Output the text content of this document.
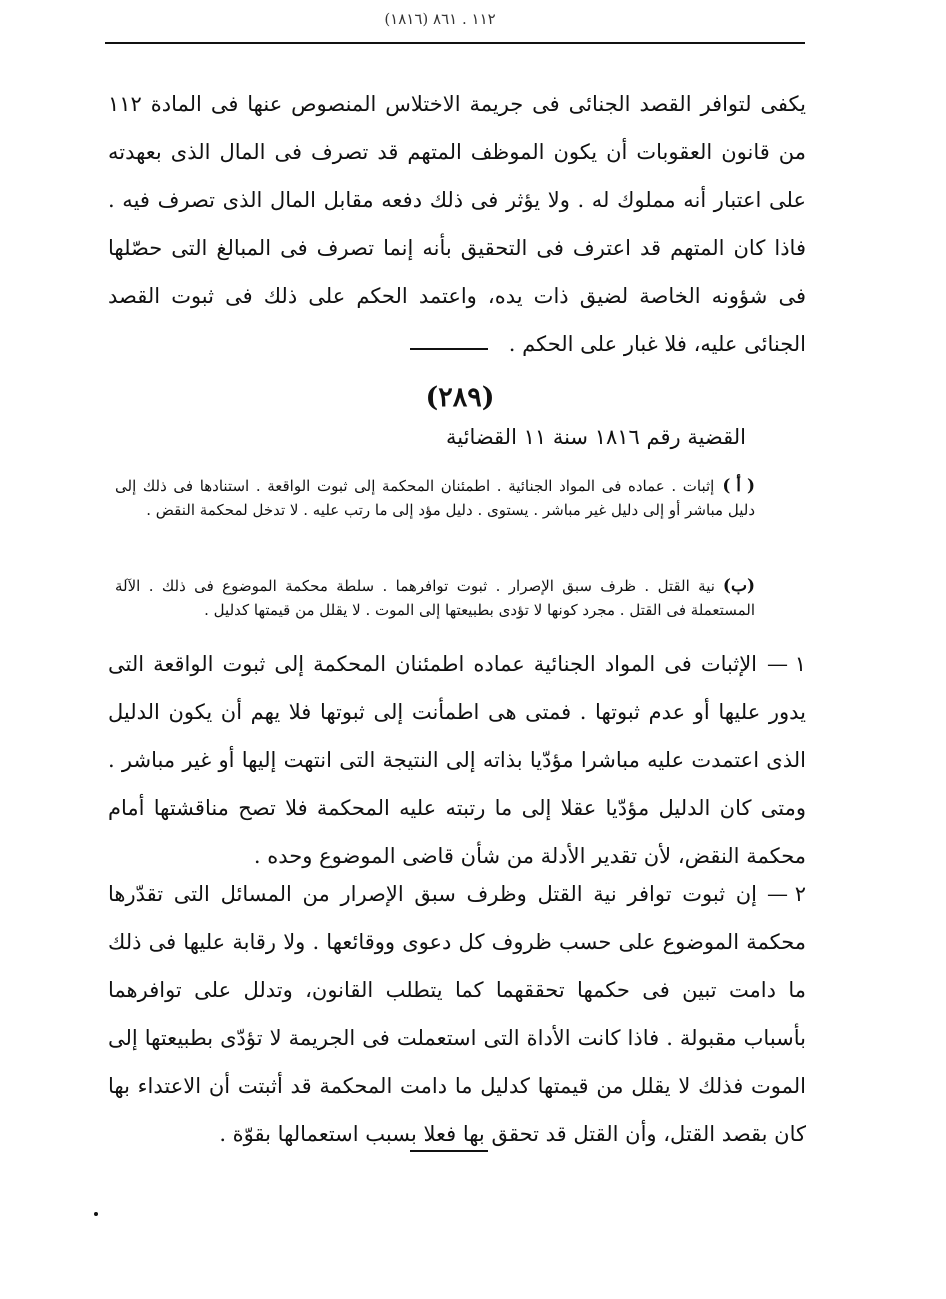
١١٢ . ٨٦١ (١٨١٦)
يكفى لتوافر القصد الجنائى فى جريمة الاختلاس المنصوص عنها فى المادة ١١٢ من قانون العقوبات أن يكون الموظف المتهم قد تصرف فى المال الذى بعهدته على اعتبار أنه مملوك له . ولا يؤثر فى ذلك دفعه مقابل المال الذى تصرف فيه . فاذا كان المتهم قد اعترف فى التحقيق بأنه إنما تصرف فى المبالغ التى حصّلها فى شؤونه الخاصة لضيق ذات يده، واعتمد الحكم على ذلك فى ثبوت القصد الجنائى عليه، فلا غبار على الحكم .
(٢٨٩)
القضية رقم ١٨١٦ سنة ١١ القضائية
( أ )إثبات . عماده فى المواد الجنائية . اطمئنان المحكمة إلى ثبوت الواقعة . استنادها فى ذلك إلى دليل مباشر أو إلى دليل غير مباشر . يستوى . دليل مؤد إلى ما رتب عليه . لا تدخل لمحكمة النقض .
(ب)نية القتل . ظرف سبق الإصرار . ثبوت توافرهما . سلطة محكمة الموضوع فى ذلك . الآلة المستعملة فى القتل . مجرد كونها لا تؤدى بطبيعتها إلى الموت . لا يقلل من قيمتها كدليل .
١ —الإثبات فى المواد الجنائية عماده اطمئنان المحكمة إلى ثبوت الواقعة التى يدور عليها أو عدم ثبوتها . فمتى هى اطمأنت إلى ثبوتها فلا يهم أن يكون الدليل الذى اعتمدت عليه مباشرا مؤدّيا بذاته إلى النتيجة التى انتهت إليها أو غير مباشر . ومتى كان الدليل مؤدّيا عقلا إلى ما رتبته عليه المحكمة فلا تصح مناقشتها أمام محكمة النقض، لأن تقدير الأدلة من شأن قاضى الموضوع وحده .
٢ —إن ثبوت توافر نية القتل وظرف سبق الإصرار من المسائل التى تقدّرها محكمة الموضوع على حسب ظروف كل دعوى ووقائعها . ولا رقابة عليها فى ذلك ما دامت تبين فى حكمها تحققهما كما يتطلب القانون، وتدلل على توافرهما بأسباب مقبولة . فاذا كانت الأداة التى استعملت فى الجريمة لا تؤدّى بطبيعتها إلى الموت فذلك لا يقلل من قيمتها كدليل ما دامت المحكمة قد أثبتت أن الاعتداء بها كان بقصد القتل، وأن القتل قد تحقق بها فعلا بسبب استعمالها بقوّة .
